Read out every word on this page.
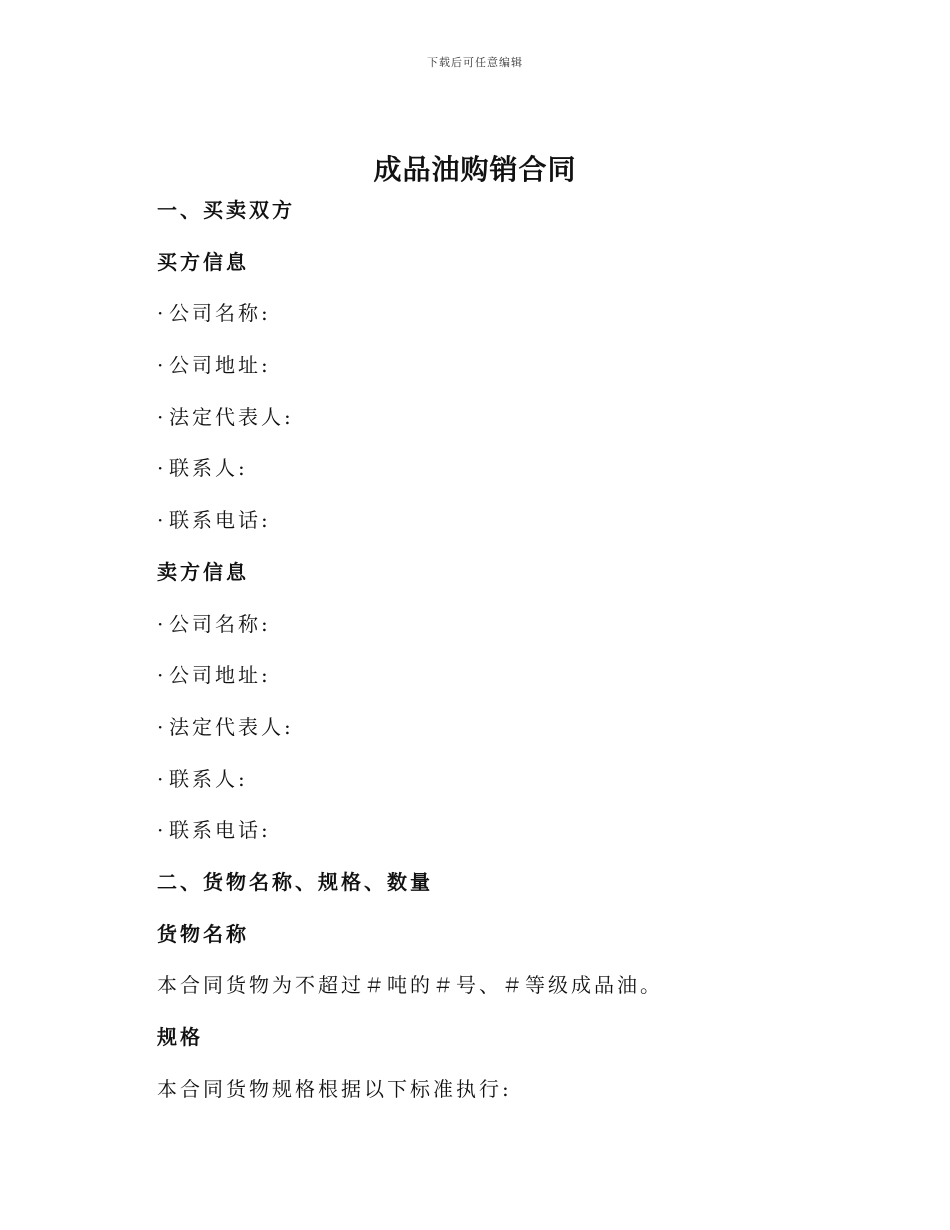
下载后可任意编辑
成品油购销合同
一、买卖双方
买方信息
· 公司名称:
· 公司地址:
· 法定代表人:
· 联系人:
· 联系电话:
卖方信息
· 公司名称:
· 公司地址:
· 法定代表人:
· 联系人:
· 联系电话:
二、货物名称、规格、数量
货物名称
本合同货物为不超过＃吨的＃号、＃等级成品油。
规格
本合同货物规格根据以下标准执行:
